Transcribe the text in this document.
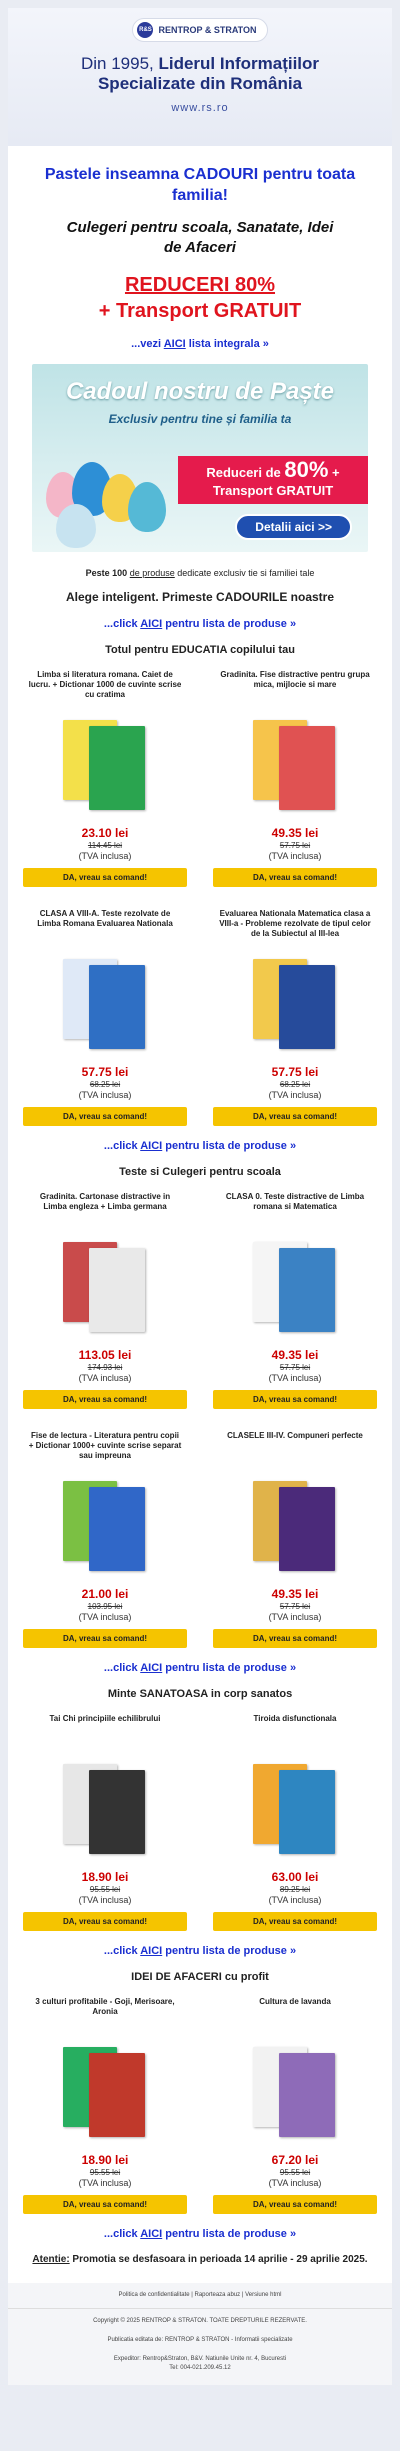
R&S RENTROP & STRATON
Din 1995, Liderul Informațiilor
Specializate din România
www.rs.ro
Pastele inseamna CADOURI pentru toata familia!
Culegeri pentru scoala, Sanatate, Idei de Afaceri
REDUCERI 80%
+ Transport GRATUIT
...vezi AICI lista integrala »
Cadoul nostru de Paște
Exclusiv pentru tine și familia ta
Reduceri de 80% +
Transport GRATUIT
Detalii aici >>
Peste 100 de produse dedicate exclusiv tie si familiei tale
Alege inteligent. Primeste CADOURILE noastre
...click AICI pentru lista de produse »
Totul pentru EDUCATIA copilului tau
Limba si literatura romana. Caiet de lucru. + Dictionar 1000 de cuvinte scrise cu cratima
23.10 lei
114.45 lei
(TVA inclusa)
DA, vreau sa comand!
Gradinita. Fise distractive pentru grupa mica, mijlocie si mare
49.35 lei
57.75 lei
(TVA inclusa)
DA, vreau sa comand!
CLASA A VIII-A. Teste rezolvate de Limba Romana Evaluarea Nationala
57.75 lei
68.25 lei
(TVA inclusa)
DA, vreau sa comand!
Evaluarea Nationala Matematica clasa a VIII-a - Probleme rezolvate de tipul celor de la Subiectul al III-lea
57.75 lei
68.25 lei
(TVA inclusa)
DA, vreau sa comand!
...click AICI pentru lista de produse »
Teste si Culegeri pentru scoala
Gradinita. Cartonase distractive in Limba engleza + Limba germana
113.05 lei
174.93 lei
(TVA inclusa)
DA, vreau sa comand!
CLASA 0. Teste distractive de Limba romana si Matematica
49.35 lei
57.75 lei
(TVA inclusa)
DA, vreau sa comand!
Fise de lectura - Literatura pentru copii + Dictionar 1000+ cuvinte scrise separat sau impreuna
21.00 lei
103.95 lei
(TVA inclusa)
DA, vreau sa comand!
CLASELE III-IV. Compuneri perfecte
49.35 lei
57.75 lei
(TVA inclusa)
DA, vreau sa comand!
...click AICI pentru lista de produse »
Minte SANATOASA in corp sanatos
Tai Chi principiile echilibrului
18.90 lei
95.55 lei
(TVA inclusa)
DA, vreau sa comand!
Tiroida disfunctionala
63.00 lei
89.25 lei
(TVA inclusa)
DA, vreau sa comand!
...click AICI pentru lista de produse »
IDEI DE AFACERI cu profit
3 culturi profitabile - Goji, Merisoare, Aronia
18.90 lei
95.55 lei
(TVA inclusa)
DA, vreau sa comand!
Cultura de lavanda
67.20 lei
95.55 lei
(TVA inclusa)
DA, vreau sa comand!
...click AICI pentru lista de produse »
Atentie: Promotia se desfasoara in perioada 14 aprilie - 29 aprilie 2025.

Politica de confidentialitate | Raporteaza abuz | Versiune html

Copyright © 2025 RENTROP & STRATON. TOATE DREPTURILE REZERVATE.

Publicatia editata de: RENTROP & STRATON - Informatii specializate

Expeditor: Rentrop&Straton, B&V. Natiunile Unite nr. 4, Bucuresti

Tel: 004-021.209.45.12
